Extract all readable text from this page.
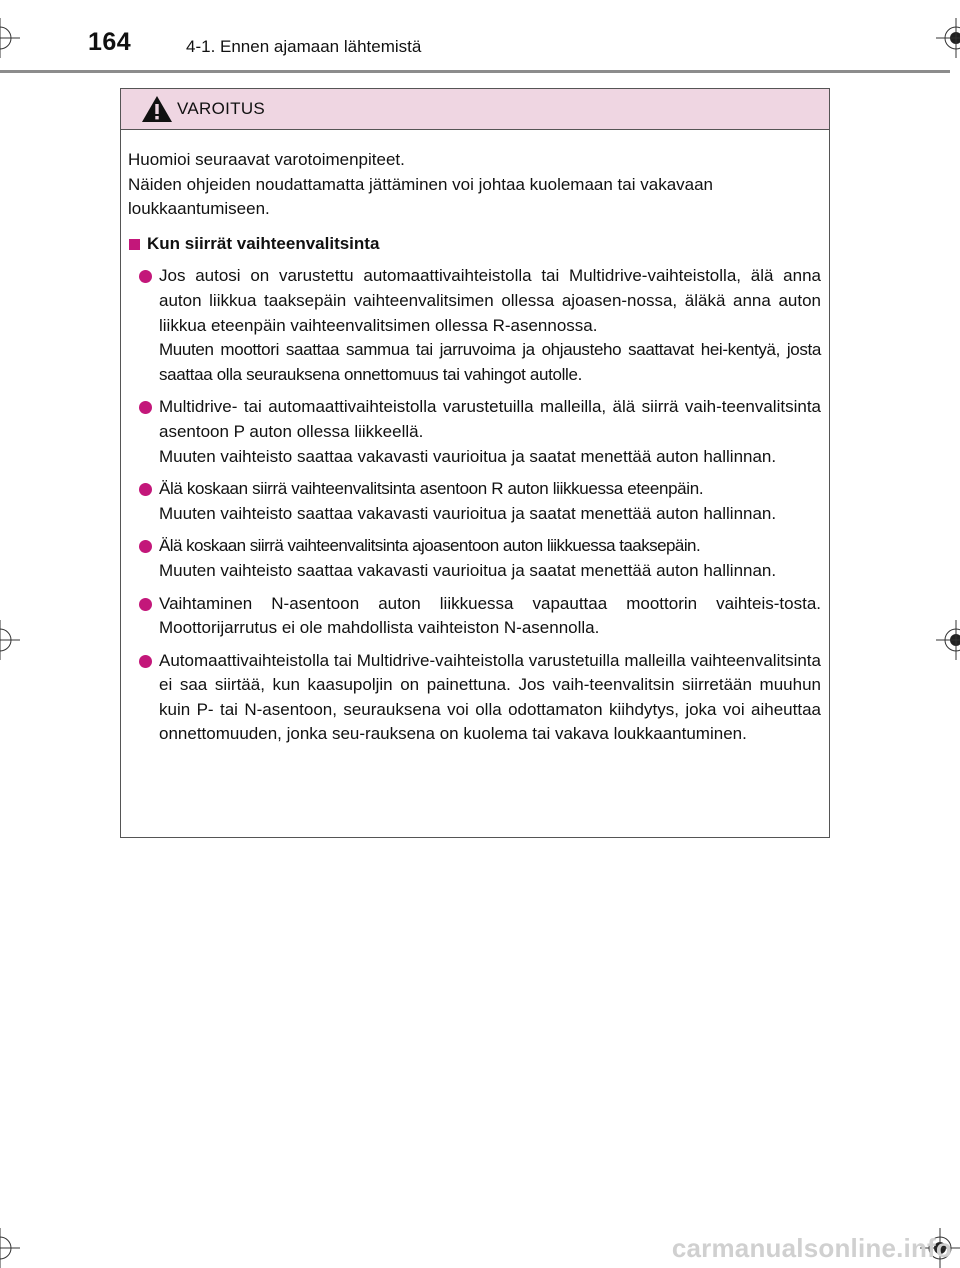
164	4-1. Ennen ajamaan lähtemistä
VAROITUS

Huomioi seuraavat varotoimenpiteet.

Näiden ohjeiden noudattamatta jättäminen voi johtaa kuolemaan tai vakavaan loukkaantumiseen.

Kun siirrät vaihteenvalitsinta

Jos autosi on varustettu automaattivaihteistolla tai Multidrive-vaihteistolla, älä anna auton liikkua taaksepäin vaihteenvalitsimen ollessa ajoasen-nossa, äläkä anna auton liikkua eteenpäin vaihteenvalitsimen ollessa R-asennossa.

Muuten moottori saattaa sammua tai jarruvoima ja ohjausteho saattavat hei-kentyä, josta saattaa olla seurauksena onnettomuus tai vahingot autolle.

Multidrive- tai automaattivaihteistolla varustetuilla malleilla, älä siirrä vaih-teenvalitsinta asentoon P auton ollessa liikkeellä.

Muuten vaihteisto saattaa vakavasti vaurioitua ja saatat menettää auton hallinnan.

Älä koskaan siirrä vaihteenvalitsinta asentoon R auton liikkuessa eteenpäin.

Muuten vaihteisto saattaa vakavasti vaurioitua ja saatat menettää auton hallinnan.

Älä koskaan siirrä vaihteenvalitsinta ajoasentoon auton liikkuessa taaksepäin.

Muuten vaihteisto saattaa vakavasti vaurioitua ja saatat menettää auton hallinnan.

Vaihtaminen N-asentoon auton liikkuessa vapauttaa moottorin vaihteis-tosta. Moottorijarrutus ei ole mahdollista vaihteiston N-asennolla.

Automaattivaihteistolla tai Multidrive-vaihteistolla varustetuilla malleilla vaihteenvalitsinta ei saa siirtää, kun kaasupoljin on painettuna. Jos vaih-teenvalitsin siirretään muuhun kuin P- tai N-asentoon, seurauksena voi olla odottamaton kiihdytys, joka voi aiheuttaa onnettomuuden, jonka seu-rauksena on kuolema tai vakava loukkaantuminen.

carmanualsonline.info
